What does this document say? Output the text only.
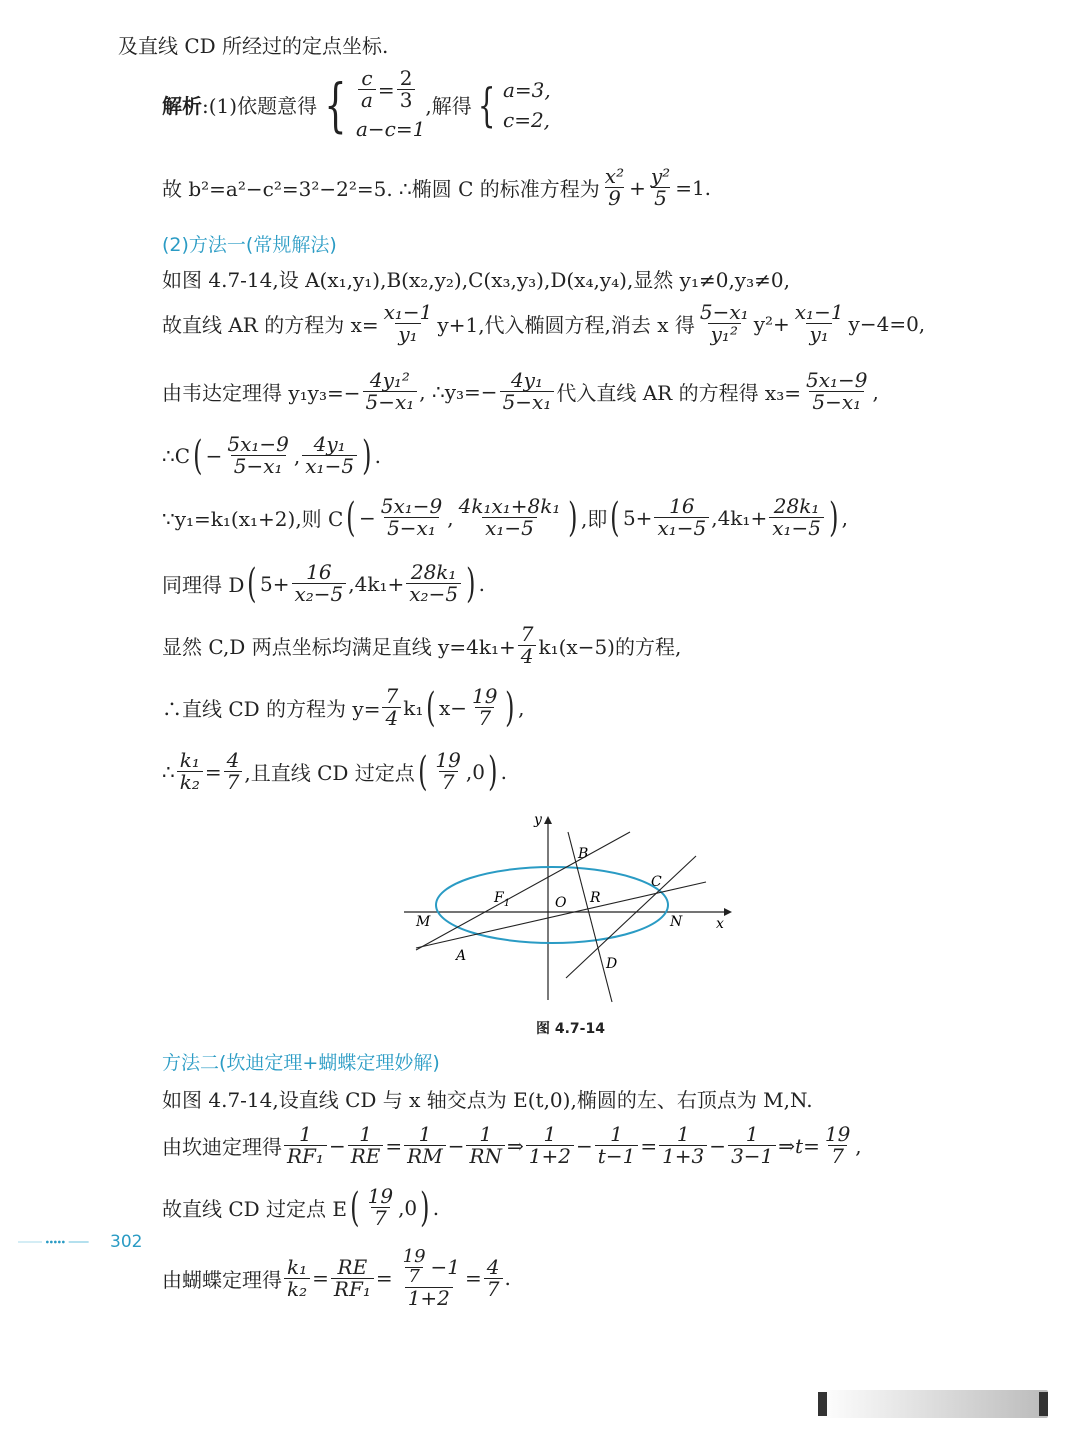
及直线 CD 所经过的定点坐标.
解析 :(1)依题意得 { $\frac{c}{a} = \frac{2}{3}$
a−c=1
,解得 { a=3,
c=2,
故 b²=a²−c²=3²−2²=5. ∴椭圆 C 的标准方程为 $\frac{\text{x²}}{9} + \frac{\text{y²}}{5} =1$.
(2)方法一(常规解法)
如图 4.7-14,设 A(x₁,y₁),B(x₂,y₂),C(x₃,y₃),D(x₄,y₄),显然 y₁≠0,y₃≠0,
故直线 AR 的方程为 $x= \frac{\text{x₁−1}}{\text{y₁}} y+1$,代入椭圆方程,消去 x 得 $\frac{\text{5−x₁}}{\text{y₁²}} y^2+ \frac{\text{x₁−1}}{\text{y₁}} y-4=0$,
由韦达定理得 $y_1y_3=- \frac{\text{4y₁²}}{\text{5−x₁}}$ , ∴y₃=− $\frac{\text{4y₁}}{\text{5−x₁}}$ 代入直线 AR 的方程得 $x_3= \frac{\text{5x₁−9}}{\text{5−x₁}}$ ,
∴C ( − $\frac{\text{5x₁−9}}{\text{5−x₁}}$ , $\frac{\text{4y₁}}{\text{x₁−5}}$ ) .
∵y₁=k₁(x₁+2),则 C ( − $\frac{\text{5x₁−9}}{\text{5−x₁}}$ , $\frac{\text{4k₁x₁+8k₁}}{\text{x₁−5}}$ ) ,即 ( $5+ \frac{16}{\text{x₁−5}} ,4k_1+ \frac{\text{28k₁}}{\text{x₁−5}}$ ) ,
同理得 D ( $5+ \frac{16}{\text{x₂−5}} ,4k_1+ \frac{\text{28k₁}}{\text{x₂−5}}$ ) .
显然 C,D 两点坐标均满足直线 $y=4k_1+ \frac{7}{4} k_1(x-5)$的方程,
∴直线 CD 的方程为 $y= \frac{7}{4} k_1$ ( $x- \frac{19}{7}$ ) ,
∴ $\frac{\text{k₁}}{\text{k₂}} = \frac{4}{7}$ ,且直线 CD 过定点 ( $\frac{19}{7} ,0$ ) .
y
x
B
C
$F_1$	O R
M	N
A	D
图 4.7-14
方法二(坎迪定理+蝴蝶定理妙解)
如图 4.7-14,设直线 CD 与 x 轴交点为 E(t,0),椭圆的左、右顶点为 M,N.
由坎迪定理得 $\frac{1}{\text{RF₁}} - \frac{1}{RE} = \frac{1}{RM} - \frac{1}{RN}$ ⇒ $\frac{1}{1+2} - \frac{1}{t-1} = \frac{1}{1+3} - \frac{1}{3-1}$ ⇒t= $\frac{19}{7}$ ,
故直线 CD 过定点 E ( $\frac{19}{7} ,0$ ) .
由蝴蝶定理得 $\frac{\text{k₁}}{\text{k₂}} = \frac{RE}{\text{RF₁}} = \frac{\frac{19}{7} -1}{1+2} = \frac{4}{7}$ .
302
